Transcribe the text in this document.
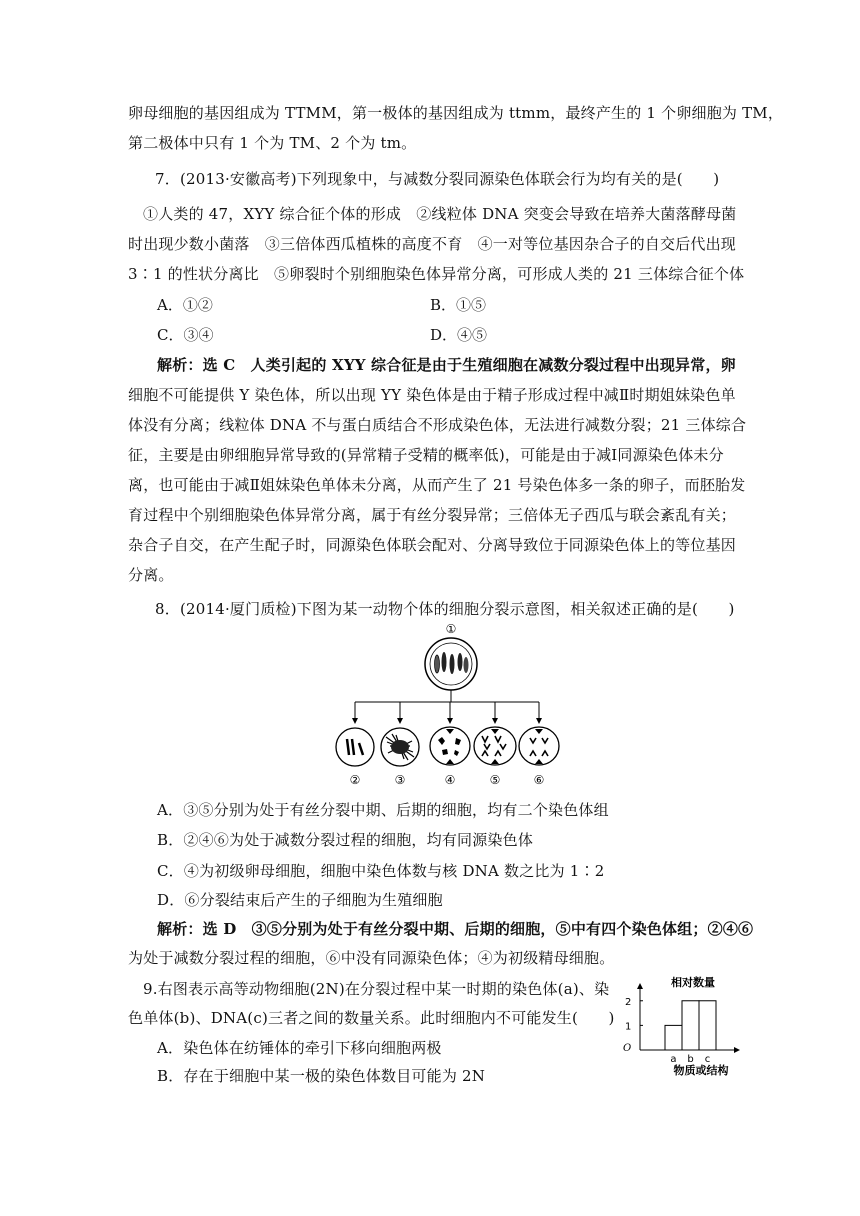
卵母细胞的基因组成为 TTMM，第一极体的基因组成为 ttmm，最终产生的 1 个卵细胞为 TM，
第二极体中只有 1 个为 TM、2 个为 tm。
7．(2013·安徽高考)下列现象中，与减数分裂同源染色体联会行为均有关的是(　　)
①人类的 47，XYY 综合征个体的形成　②线粒体 DNA 突变会导致在培养大菌落酵母菌
时出现少数小菌落　③三倍体西瓜植株的高度不育　④一对等位基因杂合子的自交后代出现
3∶1 的性状分离比　⑤卵裂时个别细胞染色体异常分离，可形成人类的 21 三体综合征个体
A．①②	B．①⑤
C．③④	D．④⑤
解析：选 C　人类引起的 XYY 综合征是由于生殖细胞在减数分裂过程中出现异常，卵
细胞不可能提供 Y 染色体，所以出现 YY 染色体是由于精子形成过程中减Ⅱ时期姐妹染色单
体没有分离；线粒体 DNA 不与蛋白质结合不形成染色体，无法进行减数分裂；21 三体综合
征，主要是由卵细胞异常导致的(异常精子受精的概率低)，可能是由于减Ⅰ同源染色体未分
离，也可能由于减Ⅱ姐妹染色单体未分离，从而产生了 21 号染色体多一条的卵子，而胚胎发
育过程中个别细胞染色体异常分离，属于有丝分裂异常；三倍体无子西瓜与联会紊乱有关；
杂合子自交，在产生配子时，同源染色体联会配对、分离导致位于同源染色体上的等位基因
分离。
8．(2014·厦门质检)下图为某一动物个体的细胞分裂示意图，相关叙述正确的是(　　)
①
②	③	④	⑤	⑥
A．③⑤分别为处于有丝分裂中期、后期的细胞，均有二个染色体组
B．②④⑥为处于减数分裂过程的细胞，均有同源染色体
C．④为初级卵母细胞，细胞中染色体数与核 DNA 数之比为 1∶2
D．⑥分裂结束后产生的子细胞为生殖细胞
解析：选 D　③⑤分别为处于有丝分裂中期、后期的细胞，⑤中有四个染色体组；②④⑥
为处于减数分裂过程的细胞，⑥中没有同源染色体；④为初级精母细胞。
9.右图表示高等动物细胞(2N)在分裂过程中某一时期的染色体(a)、染
色单体(b)、DNA(c)三者之间的数量关系。此时细胞内不可能发生(　　)
A．染色体在纺锤体的牵引下移向细胞两极
B．存在于细胞中某一极的染色体数目可能为 2N
相对数量
O
1
2
a b c
物质或结构
